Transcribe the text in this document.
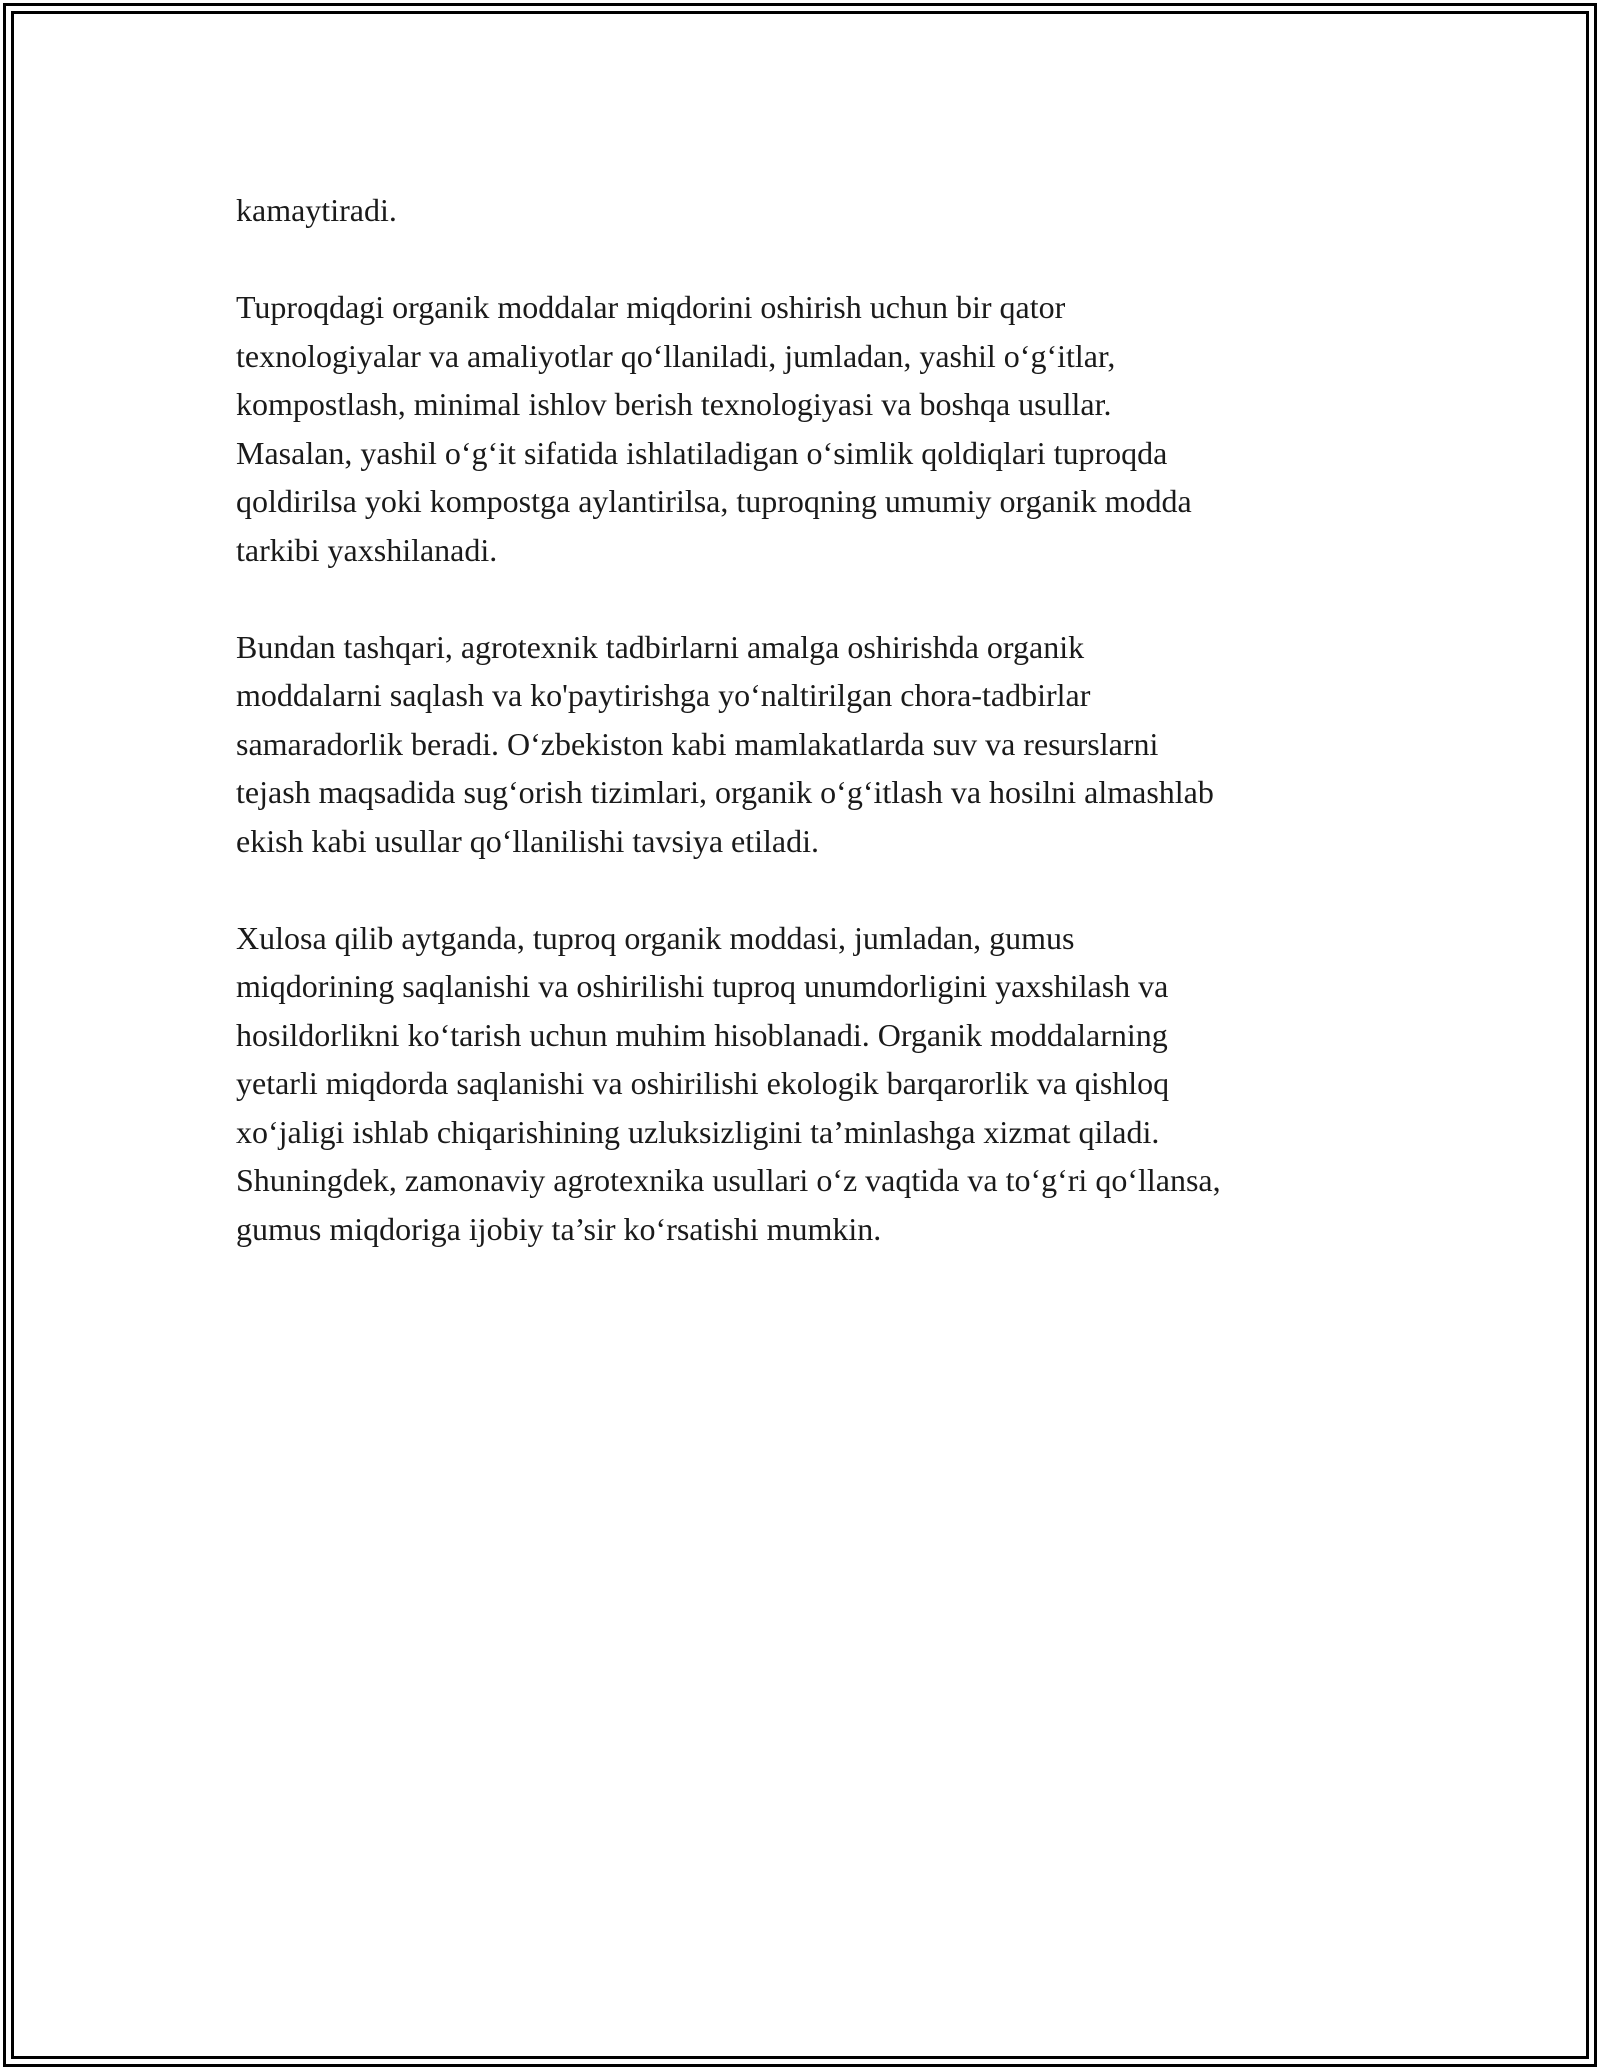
kamaytiradi.

Tuproqdagi organik moddalar miqdorini oshirish uchun bir qator
texnologiyalar va amaliyotlar qo‘llaniladi, jumladan, yashil o‘g‘itlar,
kompostlash, minimal ishlov berish texnologiyasi va boshqa usullar.
Masalan, yashil o‘g‘it sifatida ishlatiladigan o‘simlik qoldiqlari tuproqda
qoldirilsa yoki kompostga aylantirilsa, tuproqning umumiy organik modda
tarkibi yaxshilanadi.

Bundan tashqari, agrotexnik tadbirlarni amalga oshirishda organik
moddalarni saqlash va ko'paytirishga yo‘naltirilgan chora-tadbirlar
samaradorlik beradi. O‘zbekiston kabi mamlakatlarda suv va resurslarni
tejash maqsadida sug‘orish tizimlari, organik o‘g‘itlash va hosilni almashlab
ekish kabi usullar qo‘llanilishi tavsiya etiladi.

Xulosa qilib aytganda, tuproq organik moddasi, jumladan, gumus
miqdorining saqlanishi va oshirilishi tuproq unumdorligini yaxshilash va
hosildorlikni ko‘tarish uchun muhim hisoblanadi. Organik moddalarning
yetarli miqdorda saqlanishi va oshirilishi ekologik barqarorlik va qishloq
xo‘jaligi ishlab chiqarishining uzluksizligini ta’minlashga xizmat qiladi.
Shuningdek, zamonaviy agrotexnika usullari o‘z vaqtida va to‘g‘ri qo‘llansa,
gumus miqdoriga ijobiy ta’sir ko‘rsatishi mumkin.
